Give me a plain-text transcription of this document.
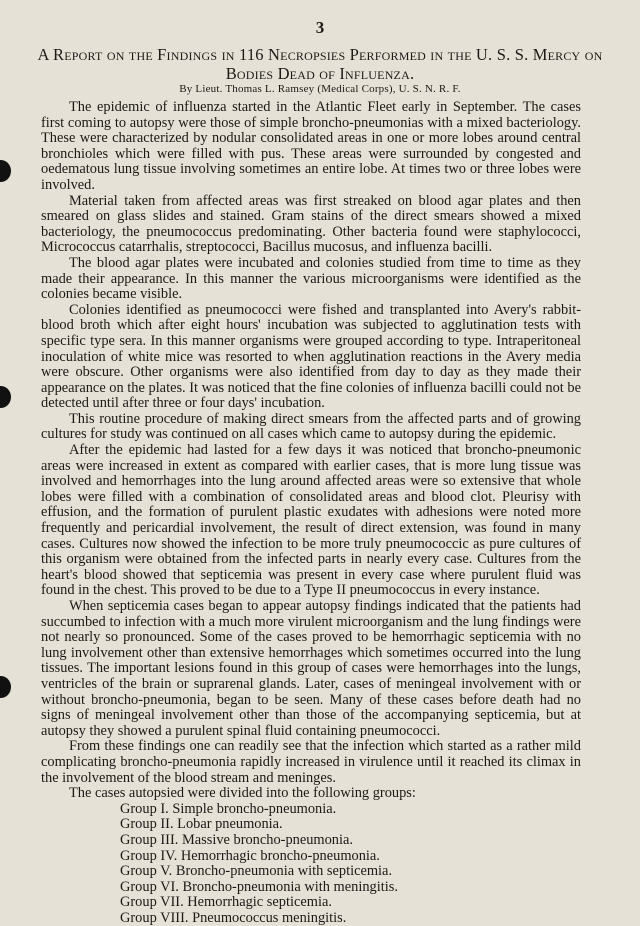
3
A Report on the Findings in 116 Necropsies Performed in the U. S. S. Mercy on Bodies Dead of Influenza.
By Lieut. Thomas L. Ramsey (Medical Corps), U. S. N. R. F.

The epidemic of influenza started in the Atlantic Fleet early in September. The cases first coming to autopsy were those of simple broncho-pneumonias with a mixed bacteriology. These were characterized by nodular consolidated areas in one or more lobes around central bronchioles which were filled with pus. These areas were surrounded by congested and oedematous lung tissue involving sometimes an entire lobe. At times two or three lobes were involved.

Material taken from affected areas was first streaked on blood agar plates and then smeared on glass slides and stained. Gram stains of the direct smears showed a mixed bacteriology, the pneumococcus predominating. Other bacteria found were staphylococci, Micrococcus catarrhalis, streptococci, Bacillus mucosus, and influenza bacilli.

The blood agar plates were incubated and colonies studied from time to time as they made their appearance. In this manner the various microorganisms were identified as the colonies became visible.

Colonies identified as pneumococci were fished and transplanted into Avery's rabbit-blood broth which after eight hours' incubation was subjected to agglutination tests with specific type sera. In this manner organisms were grouped according to type. Intraperitoneal inoculation of white mice was resorted to when agglutination reactions in the Avery media were obscure. Other organisms were also identified from day to day as they made their appearance on the plates. It was noticed that the fine colonies of influenza bacilli could not be detected until after three or four days' incubation.

This routine procedure of making direct smears from the affected parts and of growing cultures for study was continued on all cases which came to autopsy during the epidemic.

After the epidemic had lasted for a few days it was noticed that broncho-pneumonic areas were increased in extent as compared with earlier cases, that is more lung tissue was involved and hemorrhages into the lung around affected areas were so extensive that whole lobes were filled with a combination of consolidated areas and blood clot. Pleurisy with effusion, and the formation of purulent plastic exudates with adhesions were noted more frequently and pericardial involvement, the result of direct extension, was found in many cases. Cultures now showed the infection to be more truly pneumococcic as pure cultures of this organism were obtained from the infected parts in nearly every case. Cultures from the heart's blood showed that septicemia was present in every case where purulent fluid was found in the chest. This proved to be due to a Type II pneumococcus in every instance.

When septicemia cases began to appear autopsy findings indicated that the patients had succumbed to infection with a much more virulent microorganism and the lung findings were not nearly so pronounced. Some of the cases proved to be hemorrhagic septicemia with no lung involvement other than extensive hemorrhages which sometimes occurred into the lung tissues. The important lesions found in this group of cases were hemorrhages into the lungs, ventricles of the brain or suprarenal glands. Later, cases of meningeal involvement with or without broncho-pneumonia, began to be seen. Many of these cases before death had no signs of meningeal involvement other than those of the accompanying septicemia, but at autopsy they showed a purulent spinal fluid containing pneumococci.

From these findings one can readily see that the infection which started as a rather mild complicating broncho-pneumonia rapidly increased in virulence until it reached its climax in the involvement of the blood stream and meninges.

The cases autopsied were divided into the following groups:

Group I. Simple broncho-pneumonia.
Group II. Lobar pneumonia.
Group III. Massive broncho-pneumonia.
Group IV. Hemorrhagic broncho-pneumonia.
Group V. Broncho-pneumonia with septicemia.
Group VI. Broncho-pneumonia with meningitis.
Group VII. Hemorrhagic septicemia.
Group VIII. Pneumococcus meningitis.
